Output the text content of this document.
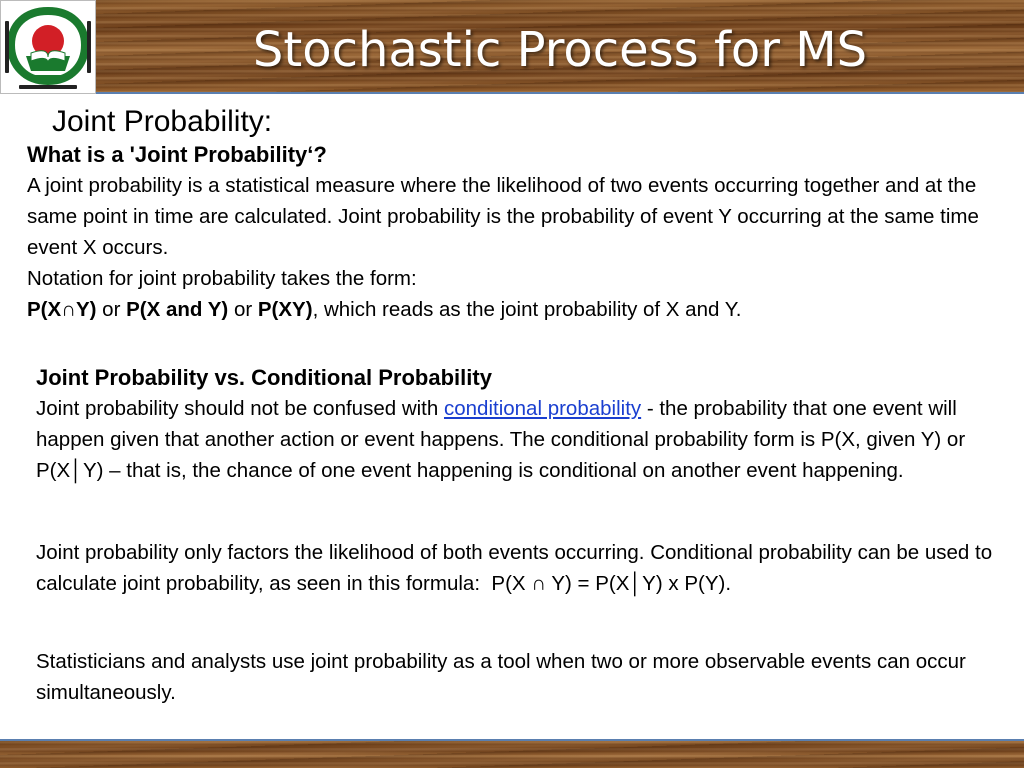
Stochastic Process for MS
Joint Probability:

What is a 'Joint Probability‘?

A joint probability is a statistical measure where the likelihood of two events occurring together and at the same point in time are calculated. Joint probability is the probability of event Y occurring at the same time event X occurs.

Notation for joint probability takes the form:

P(X∩Y) or P(X and Y) or P(XY), which reads as the joint probability of X and Y.

Joint Probability vs. Conditional Probability

Joint probability should not be confused with conditional probability - the probability that one event will happen given that another action or event happens. The conditional probability form is P(X, given Y) or P(X│Y) – that is, the chance of one event happening is conditional on another event happening.

Joint probability only factors the likelihood of both events occurring. Conditional probability can be used to calculate joint probability, as seen in this formula:  P(X ∩ Y) = P(X│Y) x P(Y).

Statisticians and analysts use joint probability as a tool when two or more observable events can occur simultaneously.
